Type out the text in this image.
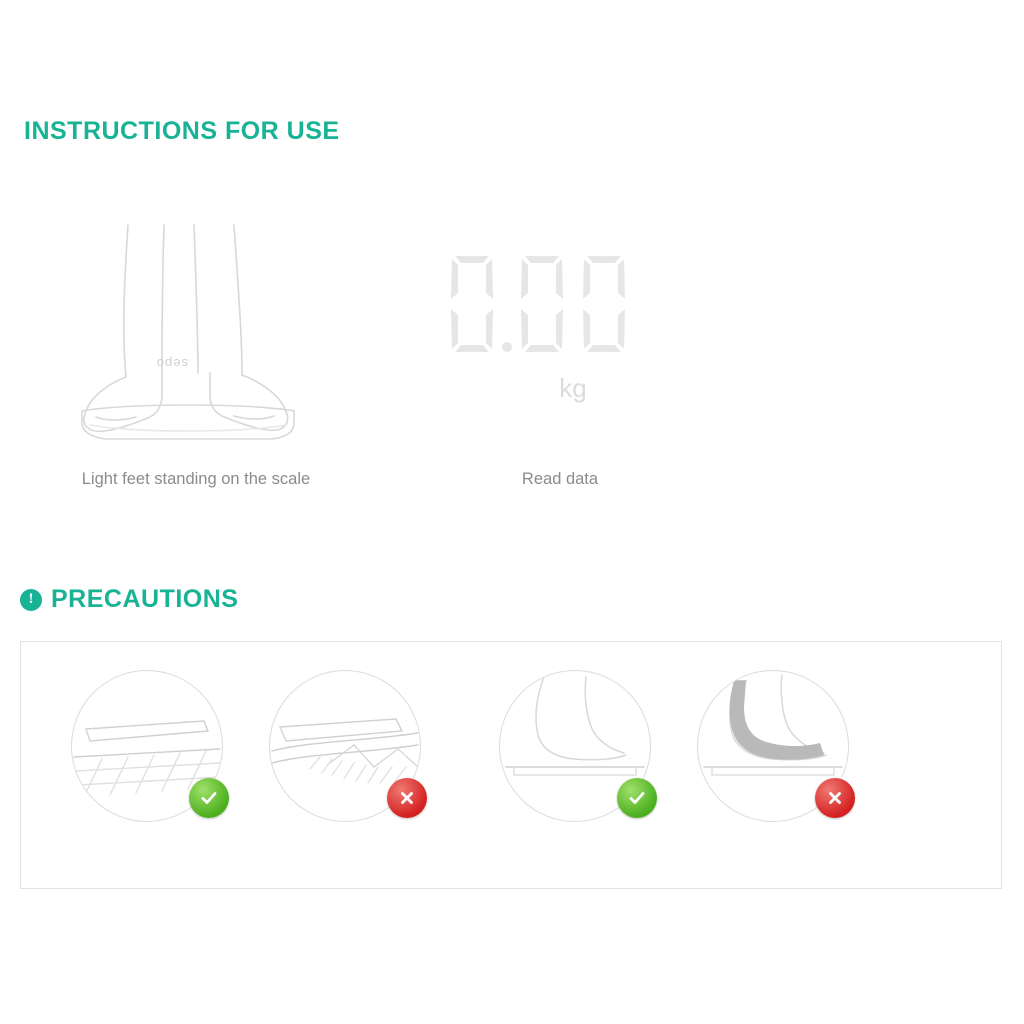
INSTRUCTIONS FOR USE
sepo
Light feet standing on the scale
kg
Read data
! PRECAUTIONS
